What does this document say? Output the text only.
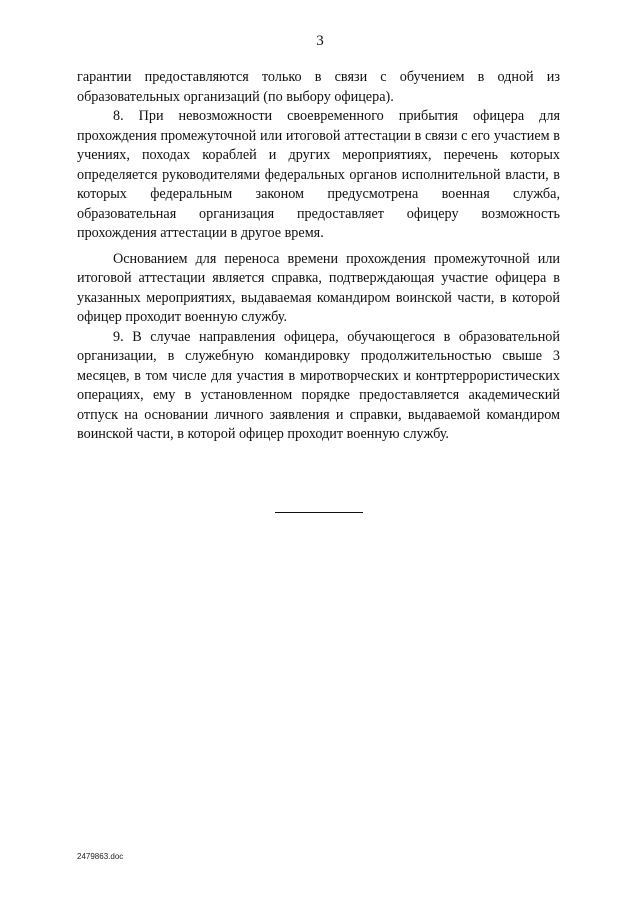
3

гарантии предоставляются только в связи с обучением в одной из образовательных организаций (по выбору офицера).

8. При невозможности своевременного прибытия офицера для прохождения промежуточной или итоговой аттестации в связи с его участием в учениях, походах кораблей и других мероприятиях, перечень которых определяется руководителями федеральных органов исполнительной власти, в которых федеральным законом предусмотрена военная служба, образовательная организация предоставляет офицеру возможность прохождения аттестации в другое время.

Основанием для переноса времени прохождения промежуточной или итоговой аттестации является справка, подтверждающая участие офицера в указанных мероприятиях, выдаваемая командиром воинской части, в которой офицер проходит военную службу.

9. В случае направления офицера, обучающегося в образовательной организации, в служебную командировку продолжительностью свыше 3 месяцев, в том числе для участия в миротворческих и контртеррористических операциях, ему в установленном порядке предоставляется академический отпуск на основании личного заявления и справки, выдаваемой командиром воинской части, в которой офицер проходит военную службу.

2479863.doc
